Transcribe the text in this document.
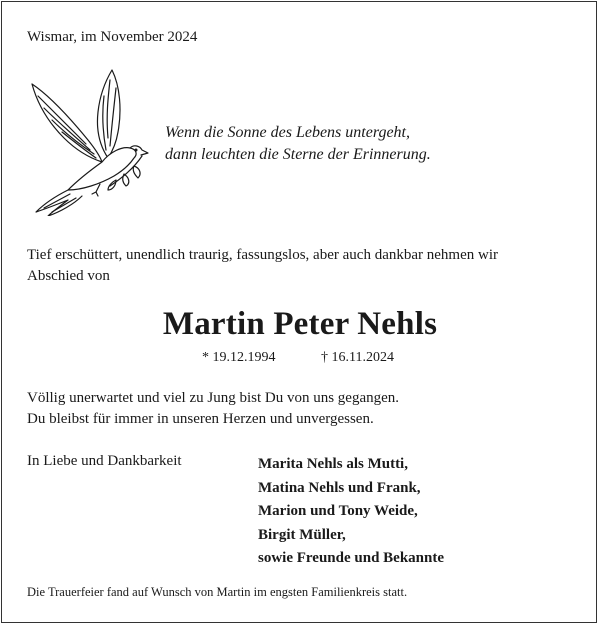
Wismar, im November 2024
Wenn die Sonne des Lebens untergeht,
dann leuchten die Sterne der Erinnerung.
Tief erschüttert, unendlich traurig, fassungslos, aber auch dankbar nehmen wir
Abschied von
Martin Peter Nehls
* 19.12.1994	† 16.11.2024
Völlig unerwartet und viel zu Jung bist Du von uns gegangen.
Du bleibst für immer in unseren Herzen und unvergessen.
In Liebe und Dankbarkeit	Marita Nehls als Mutti,
Matina Nehls und Frank,
Marion und Tony Weide,
Birgit Müller,
sowie Freunde und Bekannte
Die Trauerfeier fand auf Wunsch von Martin im engsten Familienkreis statt.
